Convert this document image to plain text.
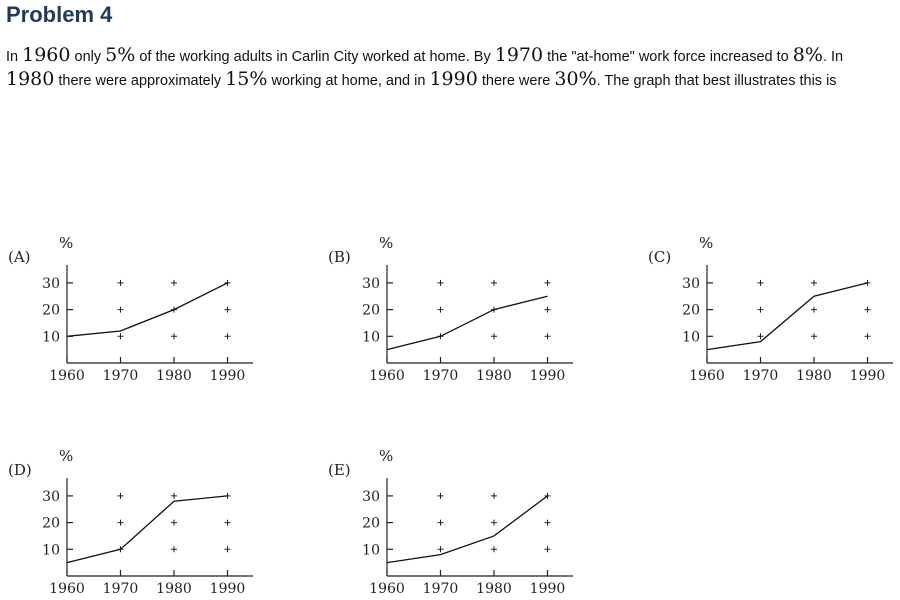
Problem 4
In 1960 only 5% of the working adults in Carlin City worked at home. By 1970 the "at-home" work force increased to 8%. In 1980 there were approximately 15% working at home, and in 1990 there were 30%. The graph that best illustrates this is
(A)
%
10
20
30
1960 1970 1980 1990
(B)
%
10
20
30
1960 1970 1980 1990
(C)
%
10
20
30
1960 1970 1980 1990
(D)
%
10
20
30
1960 1970 1980 1990
(E)
%
10
20
30
1960 1970 1980 1990
